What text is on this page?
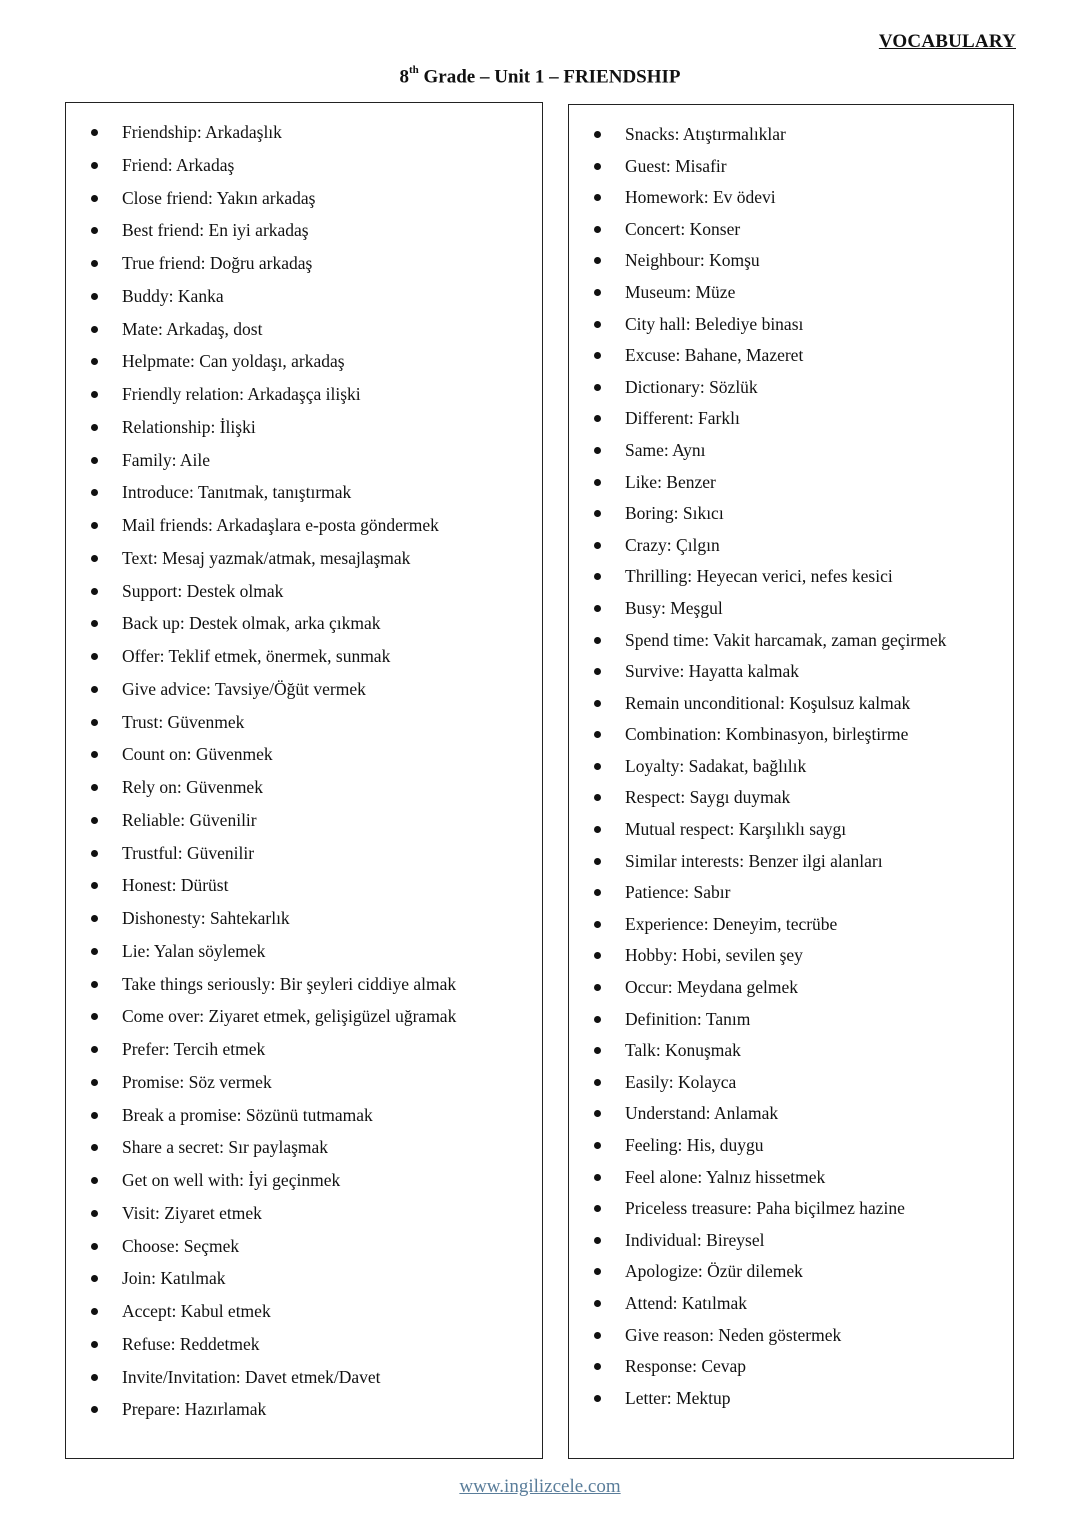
VOCABULARY
8th Grade – Unit 1 – FRIENDSHIP
Friendship: Arkadaşlık
Friend: Arkadaş
Close friend: Yakın arkadaş
Best friend: En iyi arkadaş
True friend: Doğru arkadaş
Buddy: Kanka
Mate: Arkadaş, dost
Helpmate: Can yoldaşı, arkadaş
Friendly relation: Arkadaşça ilişki
Relationship: İlişki
Family: Aile
Introduce: Tanıtmak, tanıştırmak
Mail friends: Arkadaşlara e-posta göndermek
Text: Mesaj yazmak/atmak, mesajlaşmak
Support: Destek olmak
Back up: Destek olmak, arka çıkmak
Offer: Teklif etmek, önermek, sunmak
Give advice: Tavsiye/Öğüt vermek
Trust: Güvenmek
Count on: Güvenmek
Rely on: Güvenmek
Reliable: Güvenilir
Trustful: Güvenilir
Honest: Dürüst
Dishonesty: Sahtekarlık
Lie: Yalan söylemek
Take things seriously: Bir şeyleri ciddiye almak
Come over: Ziyaret etmek, gelişigüzel uğramak
Prefer: Tercih etmek
Promise: Söz vermek
Break a promise: Sözünü tutmamak
Share a secret: Sır paylaşmak
Get on well with: İyi geçinmek
Visit: Ziyaret etmek
Choose: Seçmek
Join: Katılmak
Accept: Kabul etmek
Refuse: Reddetmek
Invite/Invitation: Davet etmek/Davet
Prepare: Hazırlamak
Snacks: Atıştırmalıklar
Guest: Misafir
Homework: Ev ödevi
Concert: Konser
Neighbour: Komşu
Museum: Müze
City hall: Belediye binası
Excuse: Bahane, Mazeret
Dictionary: Sözlük
Different: Farklı
Same: Aynı
Like: Benzer
Boring: Sıkıcı
Crazy: Çılgın
Thrilling: Heyecan verici, nefes kesici
Busy: Meşgul
Spend time: Vakit harcamak, zaman geçirmek
Survive: Hayatta kalmak
Remain unconditional: Koşulsuz kalmak
Combination: Kombinasyon, birleştirme
Loyalty: Sadakat, bağlılık
Respect: Saygı duymak
Mutual respect: Karşılıklı saygı
Similar interests: Benzer ilgi alanları
Patience: Sabır
Experience: Deneyim, tecrübe
Hobby: Hobi, sevilen şey
Occur: Meydana gelmek
Definition: Tanım
Talk: Konuşmak
Easily: Kolayca
Understand: Anlamak
Feeling: His, duygu
Feel alone: Yalnız hissetmek
Priceless treasure: Paha biçilmez hazine
Individual: Bireysel
Apologize: Özür dilemek
Attend: Katılmak
Give reason: Neden göstermek
Response: Cevap
Letter: Mektup
www.ingilizcele.com
